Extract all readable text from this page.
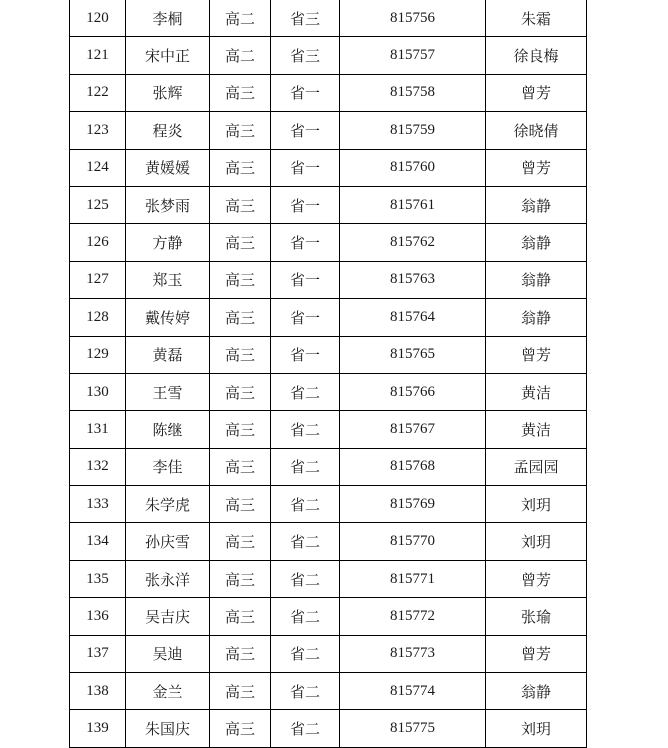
120	李桐	高二	省三	815756	朱霜
121	宋中正	高二	省三	815757	徐良梅
122	张辉	高三	省一	815758	曾芳
123	程炎	高三	省一	815759	徐晓倩
124	黄媛媛	高三	省一	815760	曾芳
125	张梦雨	高三	省一	815761	翁静
126	方静	高三	省一	815762	翁静
127	郑玉	高三	省一	815763	翁静
128	戴传婷	高三	省一	815764	翁静
129	黄磊	高三	省一	815765	曾芳
130	王雪	高三	省二	815766	黄洁
131	陈继	高三	省二	815767	黄洁
132	李佳	高三	省二	815768	孟园园
133	朱学虎	高三	省二	815769	刘玥
134	孙庆雪	高三	省二	815770	刘玥
135	张永洋	高三	省二	815771	曾芳
136	吴吉庆	高三	省二	815772	张瑜
137	吴迪	高三	省二	815773	曾芳
138	金兰	高三	省二	815774	翁静
139	朱国庆	高三	省二	815775	刘玥
